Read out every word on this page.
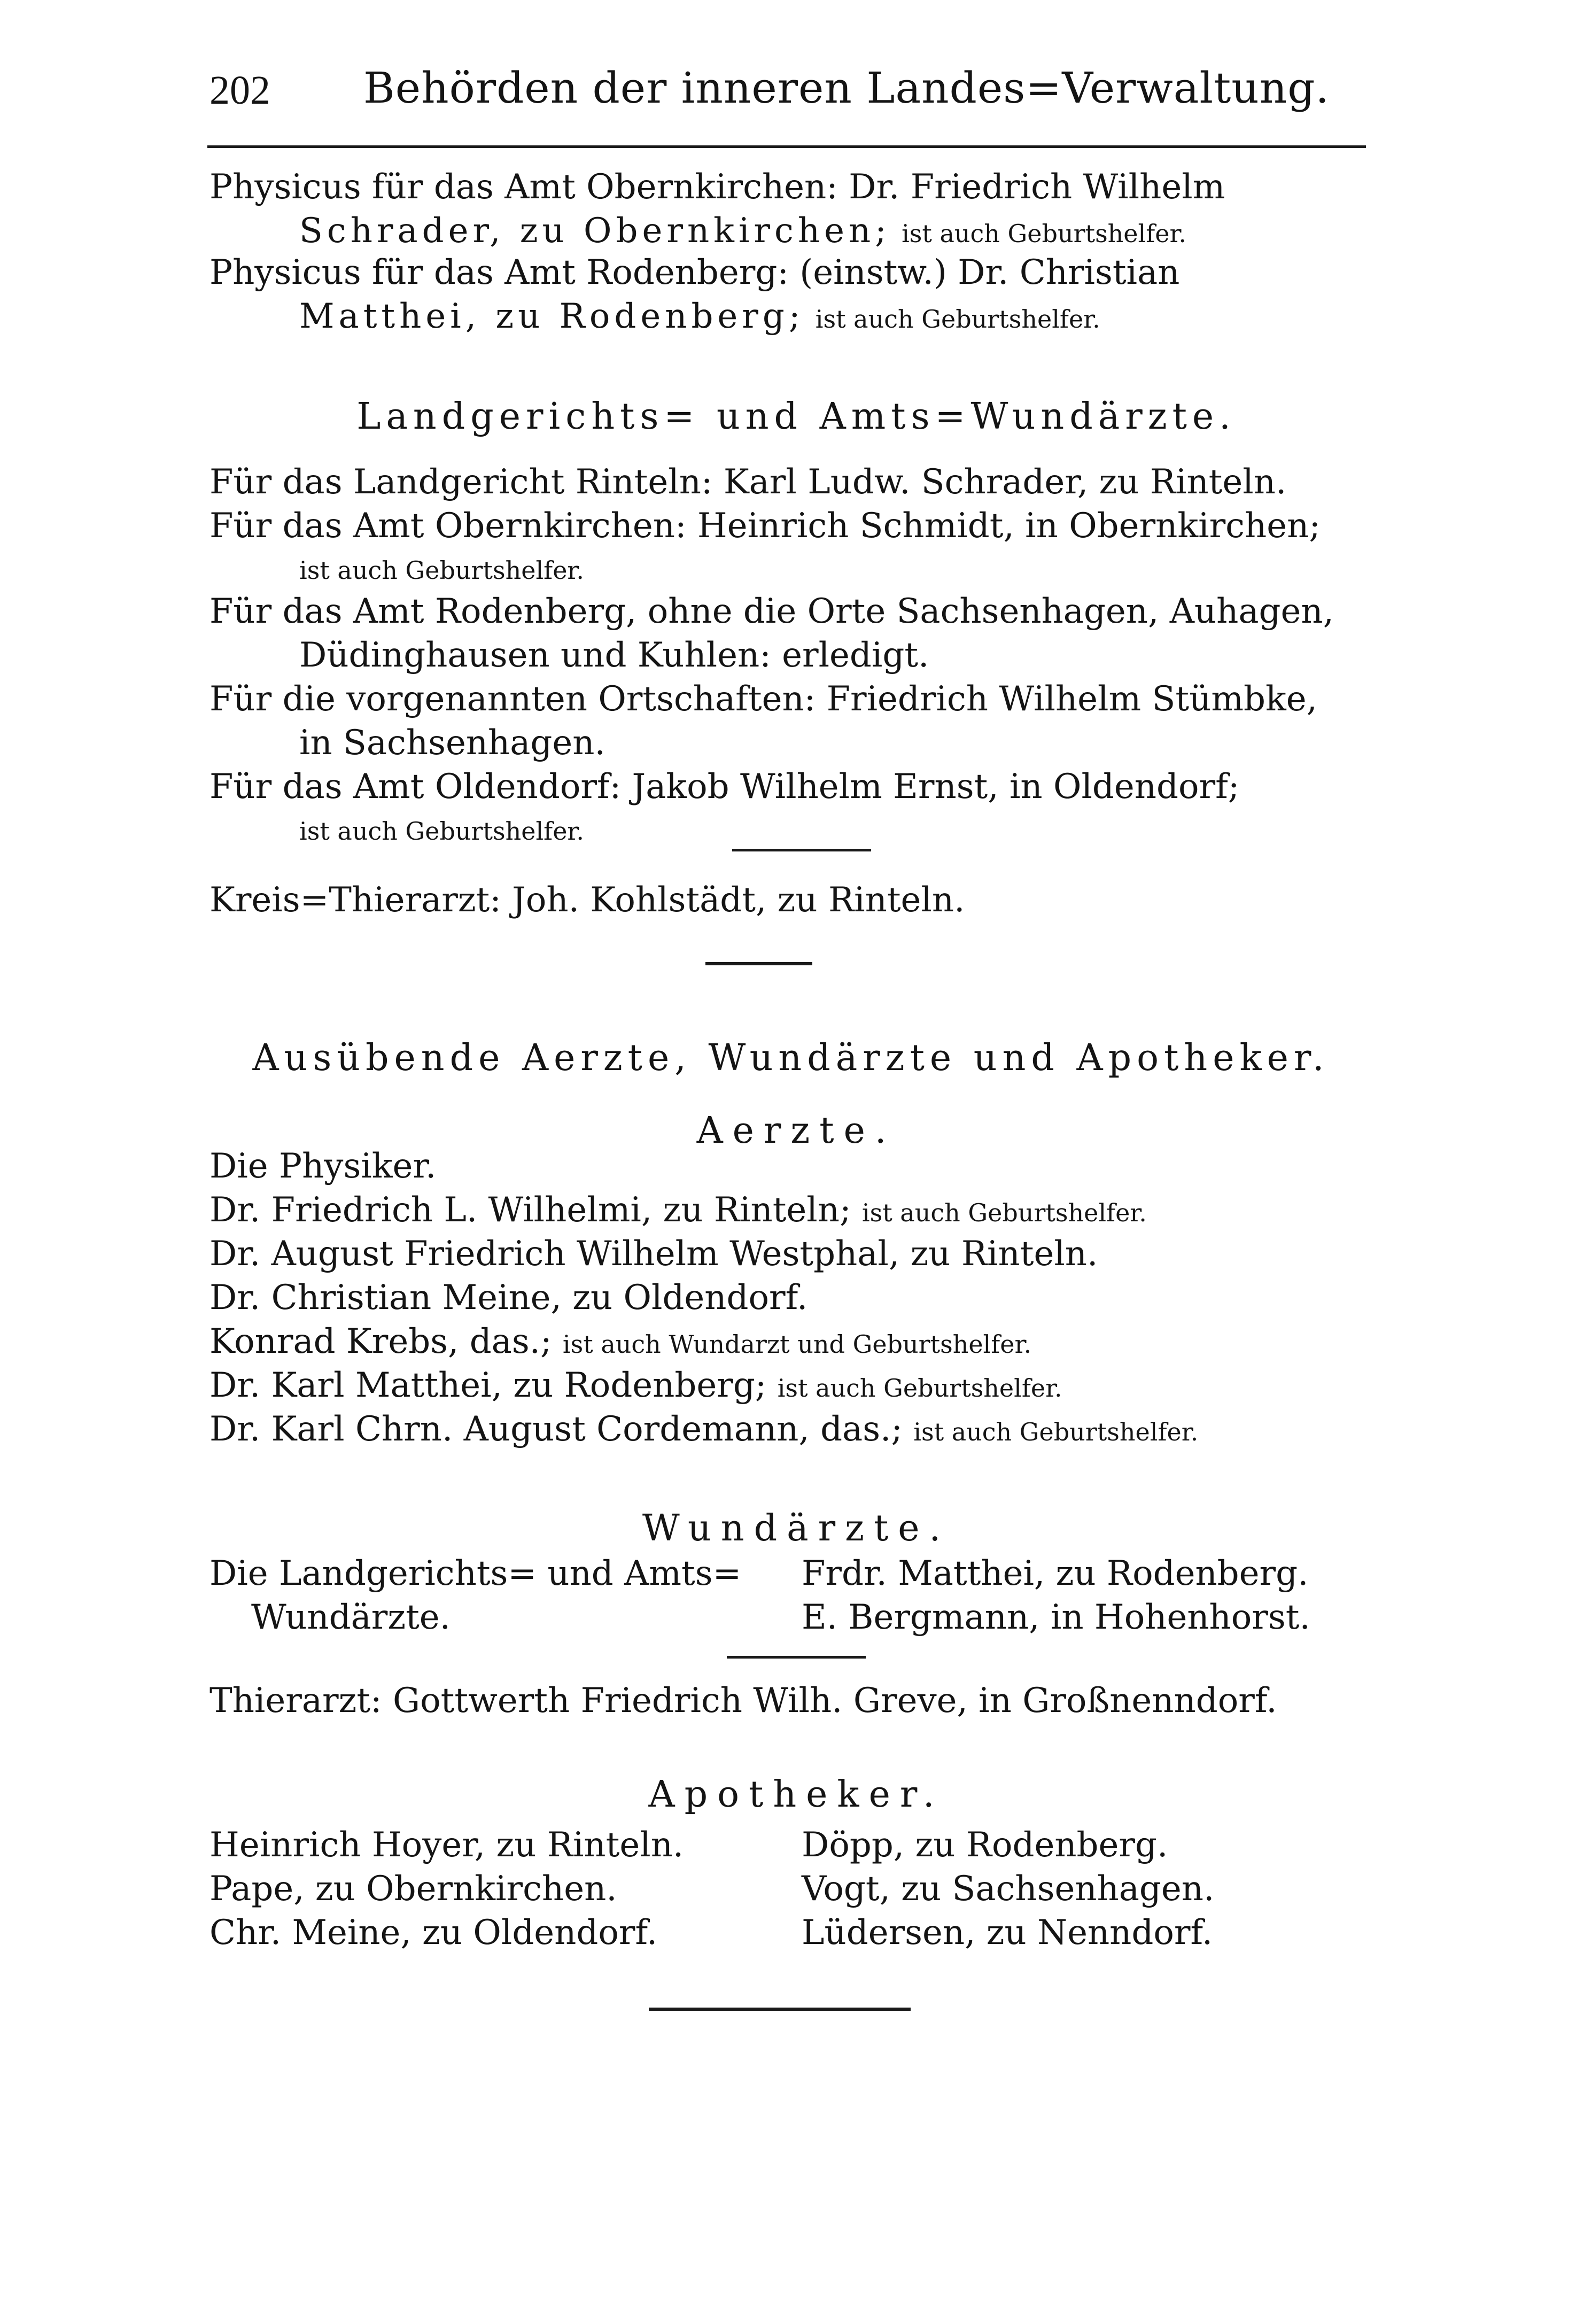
202 Behörden der inneren Landes=Verwaltung.
Physicus für das Amt Obernkirchen: Dr. Friedrich Wilhelm
Schrader, zu Obernkirchen; ist auch Geburtshelfer.
Physicus für das Amt Rodenberg: (einstw.) Dr. Christian
Matthei, zu Rodenberg; ist auch Geburtshelfer.
Landgerichts= und Amts=Wundärzte.
Für das Landgericht Rinteln: Karl Ludw. Schrader, zu Rinteln.
Für das Amt Obernkirchen: Heinrich Schmidt, in Obernkirchen;
ist auch Geburtshelfer.
Für das Amt Rodenberg, ohne die Orte Sachsenhagen, Auhagen,
Düdinghausen und Kuhlen: erledigt.
Für die vorgenannten Ortschaften: Friedrich Wilhelm Stümbke,
in Sachsenhagen.
Für das Amt Oldendorf: Jakob Wilhelm Ernst, in Oldendorf;
ist auch Geburtshelfer.
Kreis=Thierarzt: Joh. Kohlstädt, zu Rinteln.
Ausübende Aerzte, Wundärzte und Apotheker.
Aerzte.
Die Physiker.
Dr. Friedrich L. Wilhelmi, zu Rinteln; ist auch Geburtshelfer.
Dr. August Friedrich Wilhelm Westphal, zu Rinteln.
Dr. Christian Meine, zu Oldendorf.
Konrad Krebs, das.; ist auch Wundarzt und Geburtshelfer.
Dr. Karl Matthei, zu Rodenberg; ist auch Geburtshelfer.
Dr. Karl Chrn. August Cordemann, das.; ist auch Geburtshelfer.
Wundärzte.
Die Landgerichts= und Amts=
Wundärzte.
Frdr. Matthei, zu Rodenberg.
E. Bergmann, in Hohenhorst.
Thierarzt: Gottwerth Friedrich Wilh. Greve, in Großnenndorf.
Apotheker.
Heinrich Hoyer, zu Rinteln.
Pape, zu Obernkirchen.
Chr. Meine, zu Oldendorf.
Döpp, zu Rodenberg.
Vogt, zu Sachsenhagen.
Lüdersen, zu Nenndorf.
